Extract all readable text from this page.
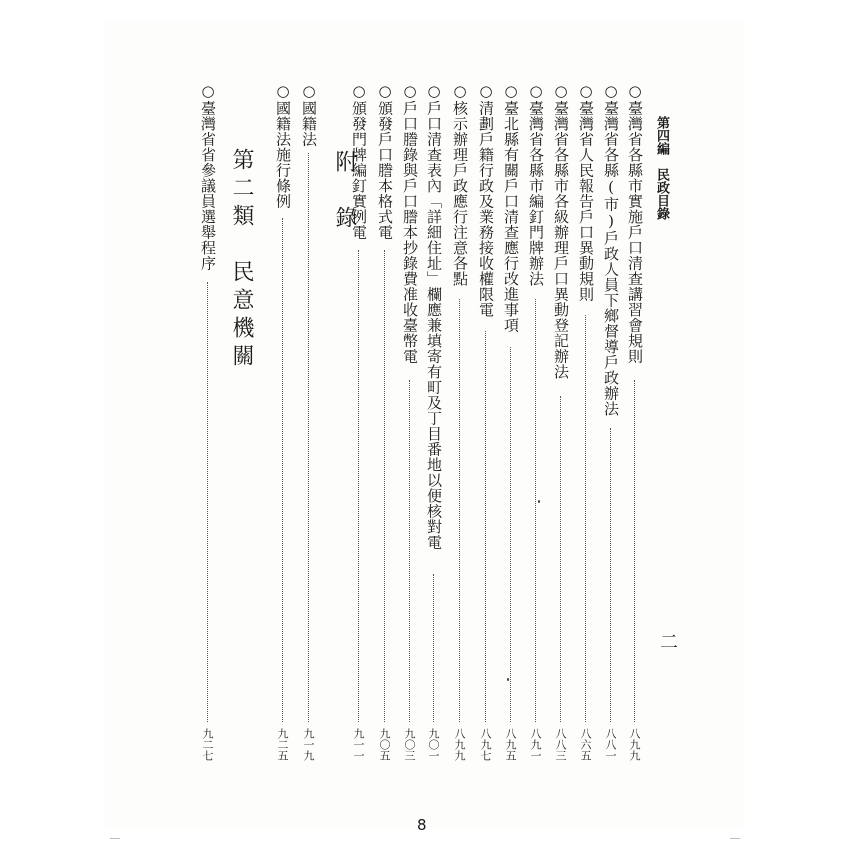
第四編　民政目錄
二
○臺灣省各縣市實施戶口清查講習會規則
八九九
○臺灣省各縣(市)戶政人員下鄉督導戶政辦法
八八一
○臺灣省人民報告戶口異動規則
八六五
○臺灣省各縣市各級辦理戶口異動登記辦法
八八三
○臺灣省各縣市編釘門牌辦法
八九一
○臺北縣有關戶口清查應行改進事項
八九五
○清劃戶籍行政及業務接收權限電
八九七
○核示辦理戶政應行注意各點
八九九
○戶口清查表內「詳細住址」欄應兼填寄有町及丁目番地以便核對電
九〇一
○戶口謄錄與戶口謄本抄錄費准收臺幣電
九〇三
○頒發戶口謄本格式電
九〇五
○頒發門牌編釘實例電
九一一
○國籍法
九一九
○國籍法施行條例
九二五
○臺灣省省參議員選舉程序
九二七
附　錄
第二類　民意機關
8
